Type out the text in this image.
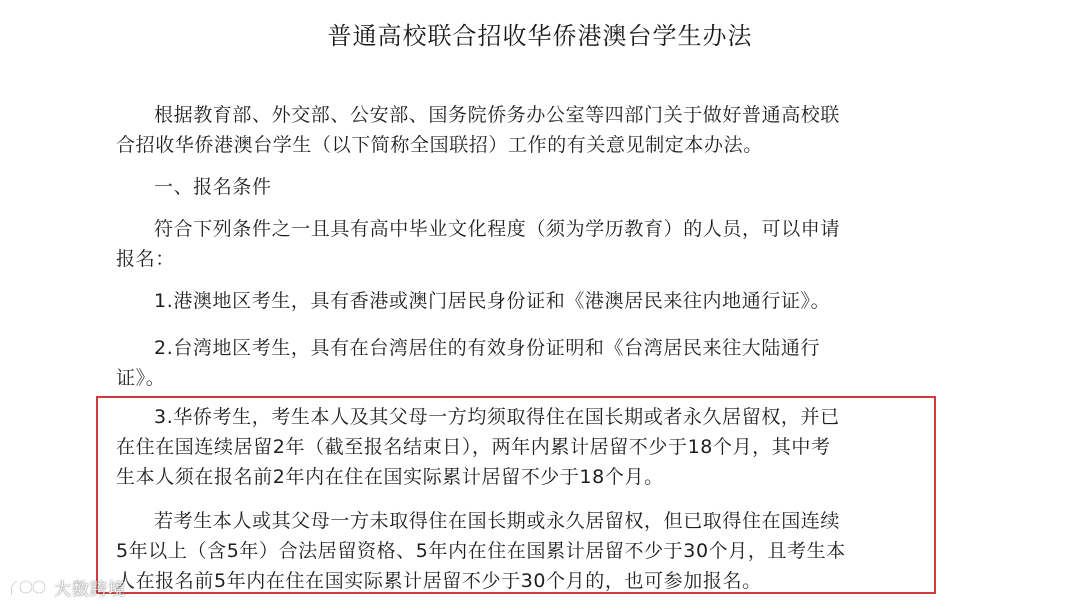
普通高校联合招收华侨港澳台学生办法
根据教育部、外交部、公安部、国务院侨务办公室等四部门关于做好普通高校联
合招收华侨港澳台学生（以下简称全国联招）工作的有关意见制定本办法。
一、报名条件
符合下列条件之一且具有高中毕业文化程度（须为学历教育）的人员，可以申请
报名：
1.港澳地区考生，具有香港或澳门居民身份证和《港澳居民来往内地通行证》。
2.台湾地区考生，具有在台湾居住的有效身份证明和《台湾居民来往大陆通行
证》。
3.华侨考生，考生本人及其父母一方均须取得住在国长期或者永久居留权，并已
在住在国连续居留2年（截至报名结束日），两年内累计居留不少于18个月，其中考
生本人须在报名前2年内在住在国实际累计居留不少于18个月。
若考生本人或其父母一方未取得住在国长期或永久居留权，但已取得住在国连续
5年以上（含5年）合法居留资格、5年内在住在国累计居留不少于30个月，且考生本
人在报名前5年内在住在国实际累计居留不少于30个月的，也可参加报名。
大数跨境
